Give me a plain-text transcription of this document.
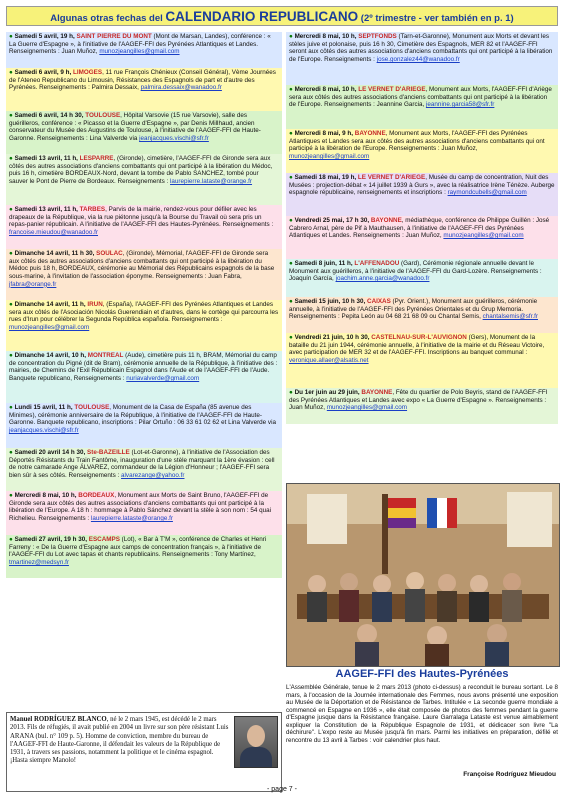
Algunas otras fechas del CALENDARIO REPUBLICANO (2º trimestre - ver también en p. 1)
● Samedi 5 avril, 19 h, SAINT PIERRE DU MONT (Mont de Marsan, Landes), conférence : « La Guerre d'Espagne », à l'initiative de l'AAGEF-FFI des Pyrénées Atlantiques et Landes. Renseignements : Juan Muñoz, munozjeangilles@gmail.com
● Samedi 6 avril, 9 h, LIMOGES, 11 rue François Chénieux (Conseil Général), Vème Journées de l'Ateneo Republicano du Limousin, Résistances des Espagnols de part et d'autre des Pyrénées. Renseignements : Palmira Dessaix, palmira.dessaix@wanadoo.fr
● Samedi 6 avril, 14 h 30, TOULOUSE, Hôpital Varsovie (15 rue Varsovie), salle des guérilleros, conférence : « Picasso et la Guerre d'Espagne », par Denis Millhaud, ancien conservateur du Musée des Augustins de Toulouse, à l'initiative de l'AAGEF-FFI de Haute-Garonne. Renseignements : Lina Valverde via jeanjacques.vischi@sfr.fr
● Samedi 13 avril, 11 h, LESPARRE, (Gironde), cimetière, l'AAGEF-FFI de Gironde sera aux côtés des autres associations d'anciens combattants qui ont participé à la libération du Médoc, puis 16 h, cimetière BORDEAUX-Nord, devant la tombe de Pablo SANCHEZ, tombé pour sauver le Pont de Pierre de Bordeaux. Renseignements : laurepierre.lataste@orange.fr
● Samedi 13 avril, 11 h, TARBES, Parvis de la mairie, rendez-vous pour défiler avec les drapeaux de la République, via la rue piétonne jusqu'à la Bourse du Travail où sera pris un repas-panier républicain. A l'initiative de l'AAGEF-FFI des Hautes-Pyrénées. Renseignements : francoise.mieudou@wanadoo.fr
● Dimanche 14 avril, 11 h 30, SOULAC, (Gironde), Mémorial, l'AAGEF-FFI de Gironde sera aux côtés des autres associations d'anciens combattants qui ont participé à la libération du Médoc puis 18 h, BORDEAUX, cérémonie au Mémorial des Républicains espagnols de la base sous-marine, à l'invitation de l'association éponyme. Renseignements : Juan Fabra, jfabra@orange.fr
● Dimanche 14 avril, 11 h, IRUN, (España), l'AAGEF-FFI des Pyrénées Atlantiques et Landes sera aux côtés de l'Asociación Nicolás Guerendiain et d'autres, dans le cortège qui parcourra les rues d'Irun pour célébrer la Segunda República española. Renseignements : munozjeangilles@gmail.com
● Dimanche 14 avril, 10 h, MONTREAL (Aude), cimetière puis 11 h, BRAM, Mémorial du camp de concentration du Pigné (dit de Bram), cérémonie annuelle de la République, à l'initiative des : mairies, de Chemins de l'Exil Républicain Espagnol dans l'Aude et de l'AAGEF-FFI de l'Aude. Banquete republicano, Renseignements : nuriavalverde@gmail.com
● Lundi 15 avril, 11 h, TOULOUSE, Monument de la Casa de España (85 avenue des Minimes), cérémonie anniversaire de la République, à l'initiative de l'AAGEF-FFI de Haute-Garonne. Banquete republicano, inscriptions : Pilar Ortuño : 06 33 61 02 62 et Lina Valverde via jeanjacques.vischi@sfr.fr
● Samedi 20 avril 14 h 30, Ste-BAZEILLE (Lot-et-Garonne), à l'initiative de l'Association des Déportés Résistants du Train Fantôme, inauguration d'une stèle marquant la 1ère évasion : cell de notre camarade Ange ÁLVAREZ, commandeur de la Légion d'Honneur ; l'AAGEF-FFI sera bien sûr à ses côtés. Renseignements : alvarezange@yahoo.fr
● Mercredi 8 mai, 10 h, BORDEAUX, Monument aux Morts de Saint Bruno, l'AAGEF-FFI de Gironde sera aux côtés des autres associations d'anciens combattants qui ont participé à la libération de l'Europe. A 18 h : hommage à Pablo Sánchez devant la stèle à son nom : 54 quai Richelieu. Renseignements : laurepierre.lataste@orange.fr
● Samedi 27 avril, 19 h 30, ESCAMPS (Lot), « Bar à T'M », conférence de Charles et Henri Farreny : « De la Guerre d'Espagne aux camps de concentration français », à l'initiative de l'AAGEF-FFI du Lot avec tapas et chants republicains. Renseignements : Tony Martínez, tmartinez@medsyn.fr
● Mercredi 8 mai, 10 h, SEPTFONDS (Tarn-et-Garonne), Monument aux Morts et devant les stèles juive et polonaise, puis 16 h 30, Cimetière des Espagnols, MER 82 et l'AAGEF-FFI seront aux côtés des autres associations d'anciens combattants qui ont participé à la libération de l'Europe. Renseignements : jose.gonzalez44@wanadoo.fr
● Mercredi 8 mai, 10 h, LE VERNET D'ARIEGE, Monument aux Morts, l'AAGEF-FFI d'Ariège sera aux côtés des autres associations d'anciens combattants qui ont participé à la libération de l'Europe. Renseignements : Jeannine Garcia, jeannine.garcia58@sfr.fr
● Mercredi 8 mai, 9 h, BAYONNE, Monument aux Morts, l'AAGEF-FFI des Pyrénées Atlantiques et Landes sera aux côtés des autres associations d'anciens combattants qui ont participé à la libération de l'Europe. Renseignements : Juan Muñoz, munozjeangilles@gmail.com
● Samedi 18 mai, 19 h, LE VERNET D'ARIEGE, Musée du camp de concentration, Nuit des Musées : projection-débat « 14 juillet 1939 à Gurs », avec la réalisatrice Irène Ténèze. Auberge espagnole républicaine, renseignements et inscriptions : raymondcubells@gmail.com
● Vendredi 25 mai, 17 h 30, BAYONNE, médiathèque, conférence de Philippe Guillén : José Cabrero Arnal, père de Pif à Mauthausen, à l'initiative de l'AAGEF-FFI des Pyrénées Atlantiques et Landes. Renseignements : Juan Muñoz, munozjeangilles@gmail.com
● Samedi 8 juin, 11 h, L'AFFENADOU (Gard), Cérémonie régionale annuelle devant le Monument aux guérilleros, à l'initiative de l'AAGEF-FFI du Gard-Lozère. Renseignements : Joaquín García, joachim.anne.garcia@wanadoo.fr
● Samedi 15 juin, 10 h 30, CAIXAS (Pyr. Orient.), Monument aux guérilleros, cérémonie annuelle, à l'initiative de l'AAGEF-FFI des Pyrénées Orientales et du Grup Memoria. Renseignements : Pepita León au 04 68 21 68 09 ou Chantal Semis, chantalsemis@sfr.fr
● Vendredi 21 juin, 10 h 30, CASTELNAU-SUR-L'AUVIGNON (Gers), Monument de la bataille du 21 juin 1944, cérémonie annuelle, à l'initiative de la mairie et du Réseau Victoire, avec participation de MER 32 et de l'AAGEF-FFI. Inscriptions au banquet communal : veronique.allaer@alsatis.net
● Du 1er juin au 29 juin, BAYONNE, Fête du quartier de Polo Beyris, stand de l'AAGEF-FFI des Pyrénées Atlantiques et Landes avec expo « La Guerre d'Espagne ». Renseignements : Juan Muñoz, munozjeangilles@gmail.com
Manuel RODRÍGUEZ BLANCO, né le 2 mars 1945, est décédé le 2 mars 2013. Fils de réfugiés, il avait publié en 2004 un livre sur son père résistant Luis ARANA (bul. n° 109 p. 5). Homme de conviction, membre du bureau de l'AAGEF-FFI de Haute-Garonne, il défendait les valeurs de la République de 1931, à travers ses passions, notamment la politique et le cinéma espagnol. ¡Hasta siempre Manolo!
AAGEF-FFI des Hautes-Pyrénées
L'Assemblée Générale, tenue le 2 mars 2013 (photo ci-dessus) a reconduit le bureau sortant. Le 8 mars, à l'occasion de la Journée internationale des Femmes, nous avons présenté une exposition au Musée de la Déportation et de Résistance de Tarbes. Intitulée « La seconde guerre mondiale a commencé en Espagne en 1936 », elle était composée de photos des femmes pendant la guerre d'Espagne jusque dans la Résistance française. Laure Garralaga Lataste est venue aimablement expliquer la Constitution de la République Espagnole de 1931, et dédicacer son livre "La déchirure". L'expo reste au Musée jusqu'à fin mars. Parmi les initiatives en préparation, défilé et rencontre du 13 avril à Tarbes : voir calendrier plus haut.
Françoise Rodríguez Mieudou
- page 7 -
